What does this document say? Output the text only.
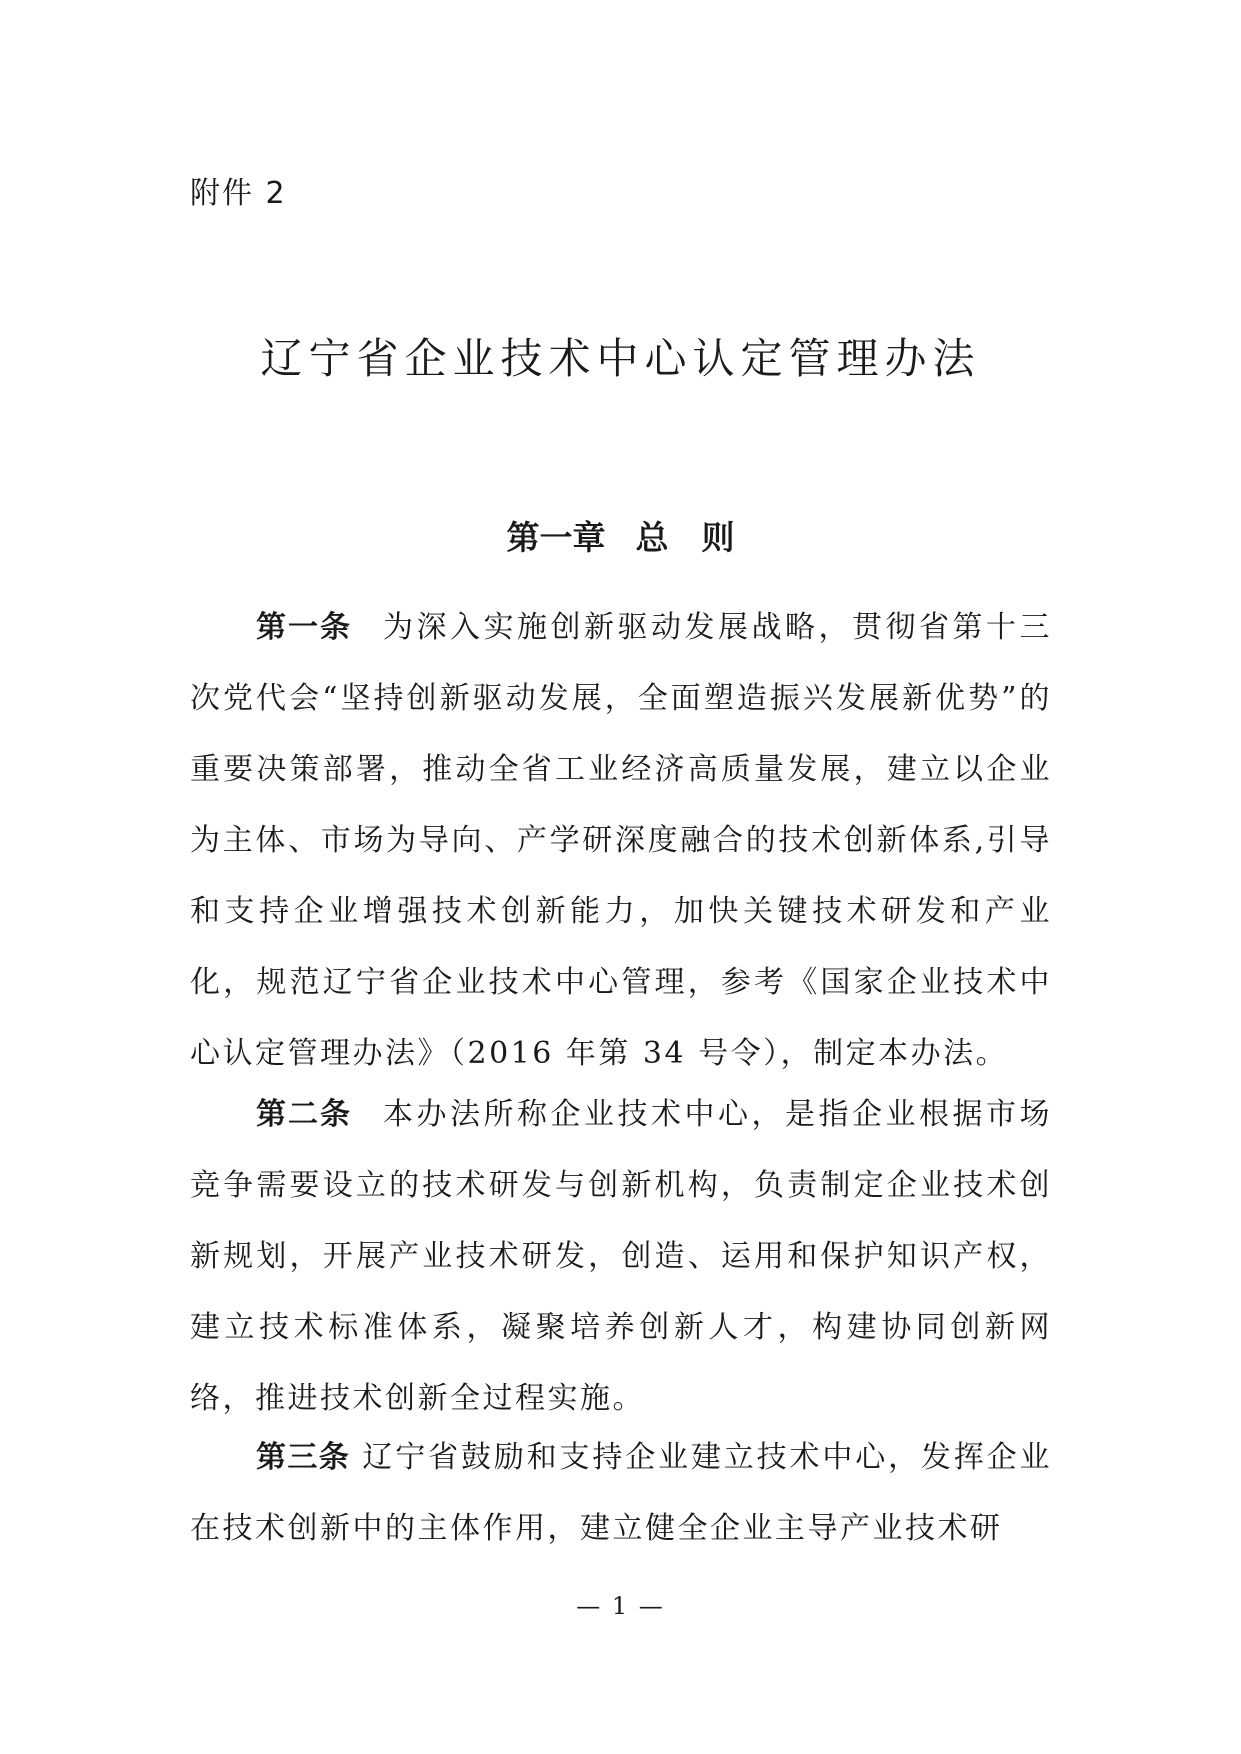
附件 2
辽宁省企业技术中心认定管理办法
第一章 总　则

第一条 为深入实施创新驱动发展战略，贯彻省第十三次党代会“坚持创新驱动发展，全面塑造振兴发展新优势”的重要决策部署，推动全省工业经济高质量发展，建立以企业为主体、市场为导向、产学研深度融合的技术创新体系,引导和支持企业增强技术创新能力，加快关键技术研发和产业化，规范辽宁省企业技术中心管理，参考《国家企业技术中心认定管理办法》（2016 年第 34 号令），制定本办法。

第二条 本办法所称企业技术中心，是指企业根据市场竞争需要设立的技术研发与创新机构，负责制定企业技术创新规划，开展产业技术研发，创造、运用和保护知识产权，建立技术标准体系，凝聚培养创新人才，构建协同创新网络，推进技术创新全过程实施。

第三条 辽宁省鼓励和支持企业建立技术中心，发挥企业在技术创新中的主体作用，建立健全企业主导产业技术研

— 1 —
